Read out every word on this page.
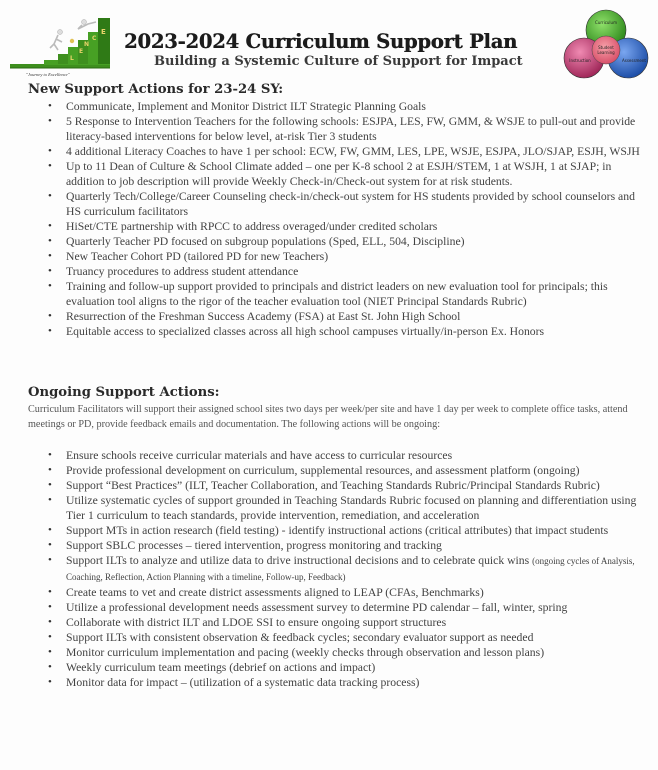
L
E
N
C
E
"Journey to Excellence"
2023-2024 Curriculum Support Plan
Building a Systemic Culture of Support for Impact
Curriculum
Instruction	Assessment
Student Learning
New Support Actions for 23-24 SY:
• Communicate, Implement and Monitor District ILT Strategic Planning Goals
• 5 Response to Intervention Teachers for the following schools: ESJPA, LES, FW, GMM, & WSJE to pull-out and provide literacy-based interventions for below level, at-risk Tier 3 students
• 4 additional Literacy Coaches to have 1 per school: ECW, FW, GMM, LES, LPE, WSJE, ESJPA, JLO/SJAP, ESJH, WSJH
• Up to 11 Dean of Culture & School Climate added – one per K-8 school 2 at ESJH/STEM, 1 at WSJH, 1 at SJAP; in addition to job description will provide Weekly Check-in/Check-out system for at risk students.
• Quarterly Tech/College/Career Counseling check-in/check-out system for HS students provided by school counselors and HS curriculum facilitators
• HiSet/CTE partnership with RPCC to address overaged/under credited scholars
• Quarterly Teacher PD focused on subgroup populations (Sped, ELL, 504, Discipline)
• New Teacher Cohort PD (tailored PD for new Teachers)
• Truancy procedures to address student attendance
• Training and follow-up support provided to principals and district leaders on new evaluation tool for principals; this evaluation tool aligns to the rigor of the teacher evaluation tool (NIET Principal Standards Rubric)
• Resurrection of the Freshman Success Academy (FSA) at East St. John High School
• Equitable access to specialized classes across all high school campuses virtually/in-person Ex. Honors
Ongoing Support Actions:
Curriculum Facilitators will support their assigned school sites two days per week/per site and have 1 day per week to complete office tasks, attend meetings or PD, provide feedback emails and documentation. The following actions will be ongoing:
• Ensure schools receive curricular materials and have access to curricular resources
• Provide professional development on curriculum, supplemental resources, and assessment platform (ongoing)
• Support “Best Practices” (ILT, Teacher Collaboration, and Teaching Standards Rubric/Principal Standards Rubric)
• Utilize systematic cycles of support grounded in Teaching Standards Rubric focused on planning and differentiation using Tier 1 curriculum to teach standards, provide intervention, remediation, and acceleration
• Support MTs in action research (field testing) - identify instructional actions (critical attributes) that impact students
• Support SBLC processes – tiered intervention, progress monitoring and tracking
• Support ILTs to analyze and utilize data to drive instructional decisions and to celebrate quick wins (ongoing cycles of Analysis, Coaching, Reflection, Action Planning with a timeline, Follow-up, Feedback)
• Create teams to vet and create district assessments aligned to LEAP (CFAs, Benchmarks)
• Utilize a professional development needs assessment survey to determine PD calendar – fall, winter, spring
• Collaborate with district ILT and LDOE SSI to ensure ongoing support structures
• Support ILTs with consistent observation & feedback cycles; secondary evaluator support as needed
• Monitor curriculum implementation and pacing (weekly checks through observation and lesson plans)
• Weekly curriculum team meetings (debrief on actions and impact)
• Monitor data for impact – (utilization of a systematic data tracking process)
